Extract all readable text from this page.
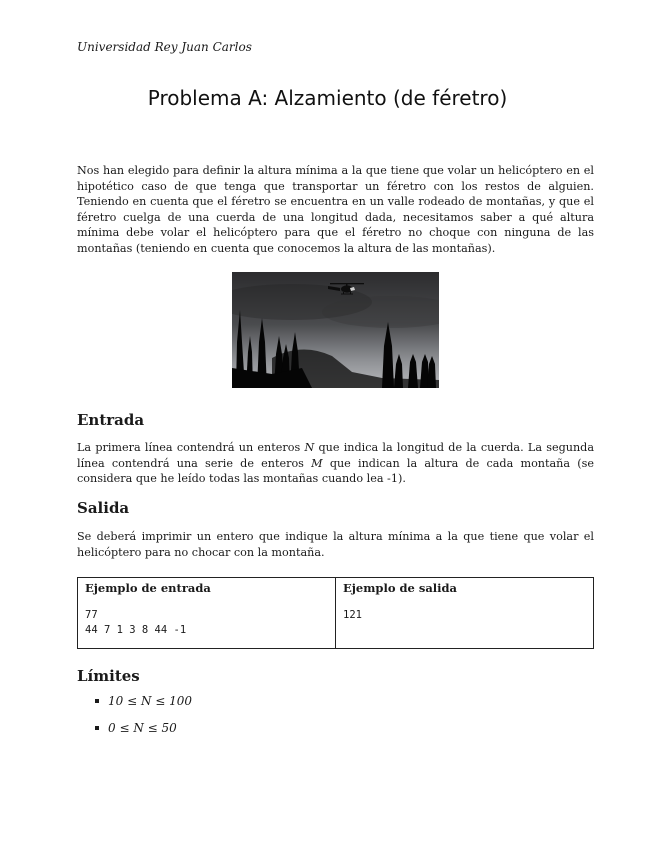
Universidad Rey Juan Carlos
Problema A: Alzamiento (de féretro)

Nos han elegido para definir la altura mínima a la que tiene que volar un helicóptero en el hipotético caso de que tenga que transportar un féretro con los restos de alguien. Teniendo en cuenta que el féretro se encuentra en un valle rodeado de montañas, y que el féretro cuelga de una cuerda de una longitud dada, necesitamos saber a qué altura mínima debe volar el helicóptero para que el féretro no choque con ninguna de las montañas (teniendo en cuenta que conocemos la altura de las montañas).

Entrada

La primera línea contendrá un enteros N que indica la longitud de la cuerda. La segunda línea contendrá una serie de enteros M que indican la altura de cada montaña (se considera que he leído todas las montañas cuando lea -1).

Salida

Se deberá imprimir un entero que indique la altura mínima a la que tiene que volar el helicóptero para no chocar con la montaña.

Ejemplo de entrada
77
44 7 1 3 8 44 -1
Ejemplo de salida
121
Límites
10 ≤ N ≤ 100
0 ≤ N ≤ 50
